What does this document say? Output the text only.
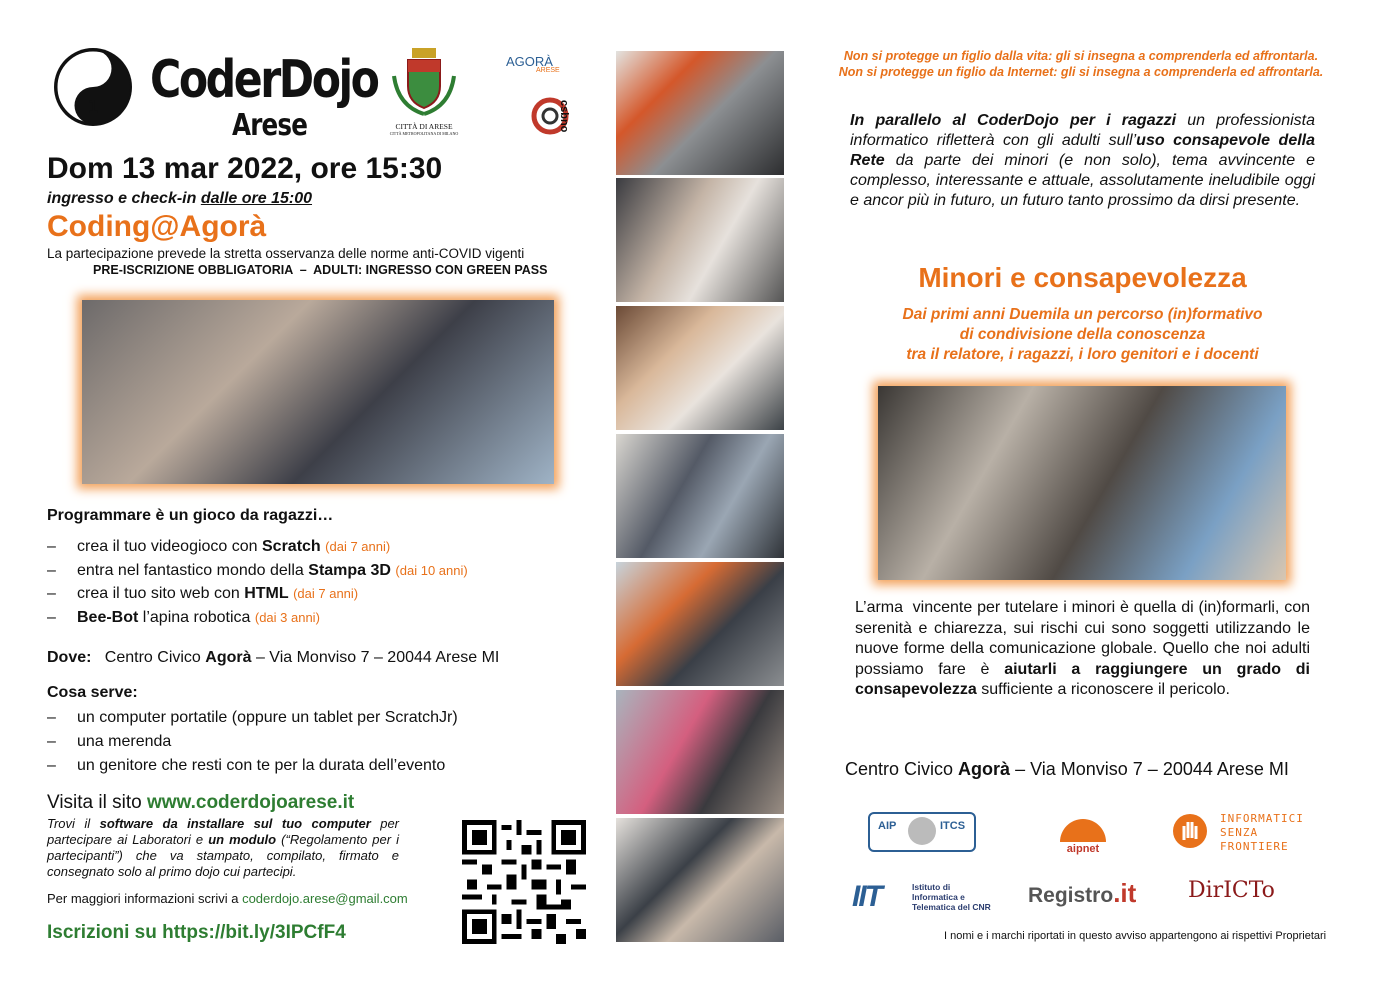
0
1 CoderDojo
Arese	CITTÀ DI ARESE
CITTÀ METROPOLITANA DI MILANO
AGORÀ
ARESE
csbno
Dom 13 mar 2022, ore 15:30
ingresso e check-in dalle ore 15:00
Coding@Agorà
La partecipazione prevede la stretta osservanza delle norme anti-COVID vigenti
PRE-ISCRIZIONE OBBLIGATORIA  –  ADULTI: INGRESSO CON GREEN PASS
Programmare è un gioco da ragazzi…
– crea il tuo videogioco con Scratch (dai 7 anni)
– entra nel fantastico mondo della Stampa 3D (dai 10 anni)
– crea il tuo sito web con HTML (dai 7 anni)
– Bee-Bot l’apina robotica (dai 3 anni)
Dove: Centro Civico Agorà – Via Monviso 7 – 20044 Arese MI
Cosa serve:
– un computer portatile (oppure un tablet per ScratchJr)
– una merenda
– un genitore che resti con te per la durata dell’evento
Visita il sito www.coderdojoarese.it
Trovi il software da installare sul tuo computer per partecipare ai Laboratori e un modulo (“Regolamento per i partecipanti”) che va stampato, compilato, firmato e consegnato solo al primo dojo cui partecipi.
Per maggiori informazioni scrivi a coderdojo.arese@gmail.com
Iscrizioni su https://bit.ly/3IPCfF4
Non si protegge un figlio dalla vita: gli si insegna a comprenderla ed affrontarla.
Non si protegge un figlio da Internet: gli si insegna a comprenderla ed affrontarla.
In parallelo al CoderDojo per i ragazzi un professionista informatico rifletterà con gli adulti sull’uso consapevole della Rete da parte dei minori (e non solo), tema avvincente e complesso, interessante e attuale, assolutamente ineludibile oggi e ancor più in futuro, un futuro tanto prossimo da dirsi presente.
Minori e consapevolezza
Dai primi anni Duemila un percorso (in)formativo
di condivisione della conoscenza
tra il relatore, i ragazzi, i loro genitori e i docenti
L’arma  vincente per tutelare i minori è quella di (in)formarli, con serenità e chiarezza, sui rischi cui sono soggetti utilizzando le nuove forme della comunicazione globale. Quello che noi adulti possiamo fare è aiutarli a raggiungere un grado di consapevolezza sufficiente a riconoscere il pericolo.
Centro Civico Agorà – Via Monviso 7 – 20044 Arese MI
AIP	ITCS
aipnet
INFORMATICI SENZA FRONTIERE
IIT	Istituto di Informatica e Telematica del CNR Registro.it DirICTo
I nomi e i marchi riportati in questo avviso appartengono ai rispettivi Proprietari
